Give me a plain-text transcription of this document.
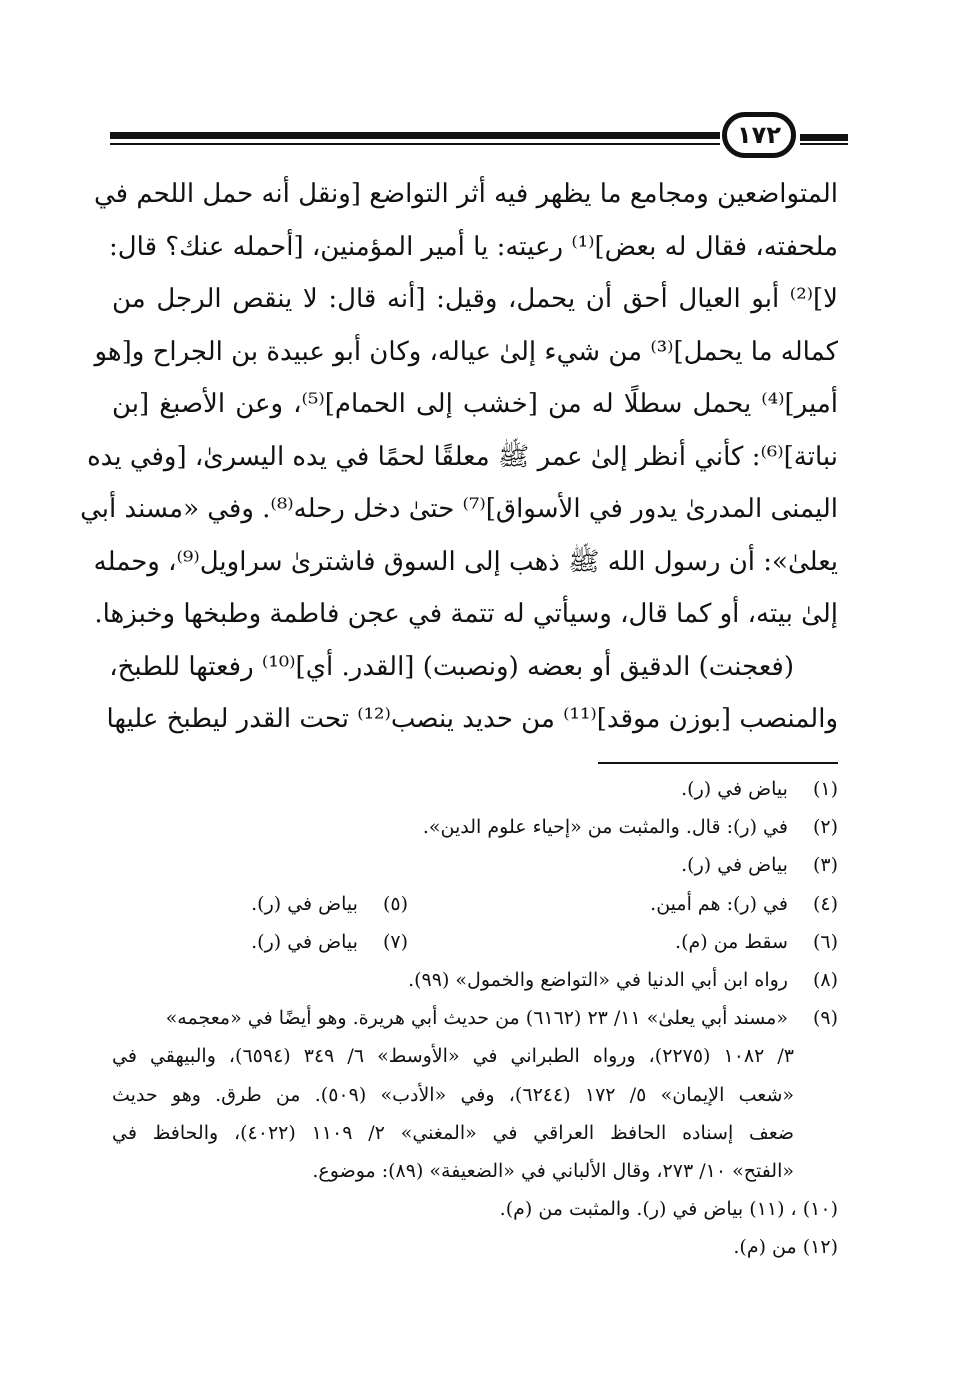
١٧٢
المتواضعين ومجامع ما يظهر فيه أثر التواضع [ونقل أنه حمل اللحم في
ملحفته، فقال له بعض]⁽¹⁾ رعيته: يا أمير المؤمنين، [أحمله عنك؟ قال:
لا]⁽²⁾ أبو العيال أحق أن يحمل، وقيل: [أنه قال: لا ينقص الرجل من
كماله ما يحمل]⁽³⁾ من شيء إلىٰ عياله، وكان أبو عبيدة بن الجراح و[هو
أمير]⁽⁴⁾ يحمل سطلًا له من [خشب إلى الحمام]⁽⁵⁾، وعن الأصبغ [بن
نباتة]⁽⁶⁾: كأني أنظر إلىٰ عمر ﷺ معلقًا لحمًا في يده اليسرىٰ، [وفي يده
اليمنى المدرىٰ يدور في الأسواق]⁽⁷⁾ حتىٰ دخل رحله⁽⁸⁾. وفي «مسند أبي
يعلىٰ»: أن رسول الله ﷺ ذهب إلى السوق فاشترىٰ سراويل⁽⁹⁾، وحمله
إلىٰ بيته، أو كما قال، وسيأتي له تتمة في عجن فاطمة وطبخها وخبزها.
(فعجنت) الدقيق أو بعضه (ونصبت) [القدر. أي]⁽¹⁰⁾ رفعتها للطبخ،
والمنصب [بوزن موقد]⁽¹¹⁾ من حديد ينصب⁽¹²⁾ تحت القدر ليطبخ عليها
(١) بياض في (ر).
(٢) في (ر): قال. والمثبت من «إحياء علوم الدين».
(٣) بياض في (ر).
(٤) في (ر): هم أمين.
(٥) بياض في (ر).
(٦) سقط من (م).
(٧) بياض في (ر).
(٨) رواه ابن أبي الدنيا في «التواضع والخمول» (٩٩).
(٩) «مسند أبي يعلىٰ» ١١/ ٢٣ (٦١٦٢) من حديث أبي هريرة. وهو أيضًا في «معجمه»
٣/ ١٠٨٢ (٢٢٧٥)، ورواه الطبراني في «الأوسط» ٦/ ٣٤٩ (٦٥٩٤)، والبيهقي في
«شعب الإيمان» ٥/ ١٧٢ (٦٢٤٤)، وفي «الأدب» (٥٠٩). من طرق. وهو حديث
ضعف إسناده الحافظ العراقي في «المغني» ٢/ ١١٠٩ (٤٠٢٢)، والحافظ في
«الفتح» ١٠/ ٢٧٣، وقال الألباني في «الضعيفة» (٨٩): موضوع.
(١٠) ، (١١) بياض في (ر). والمثبت من (م).
(١٢) من (م).
